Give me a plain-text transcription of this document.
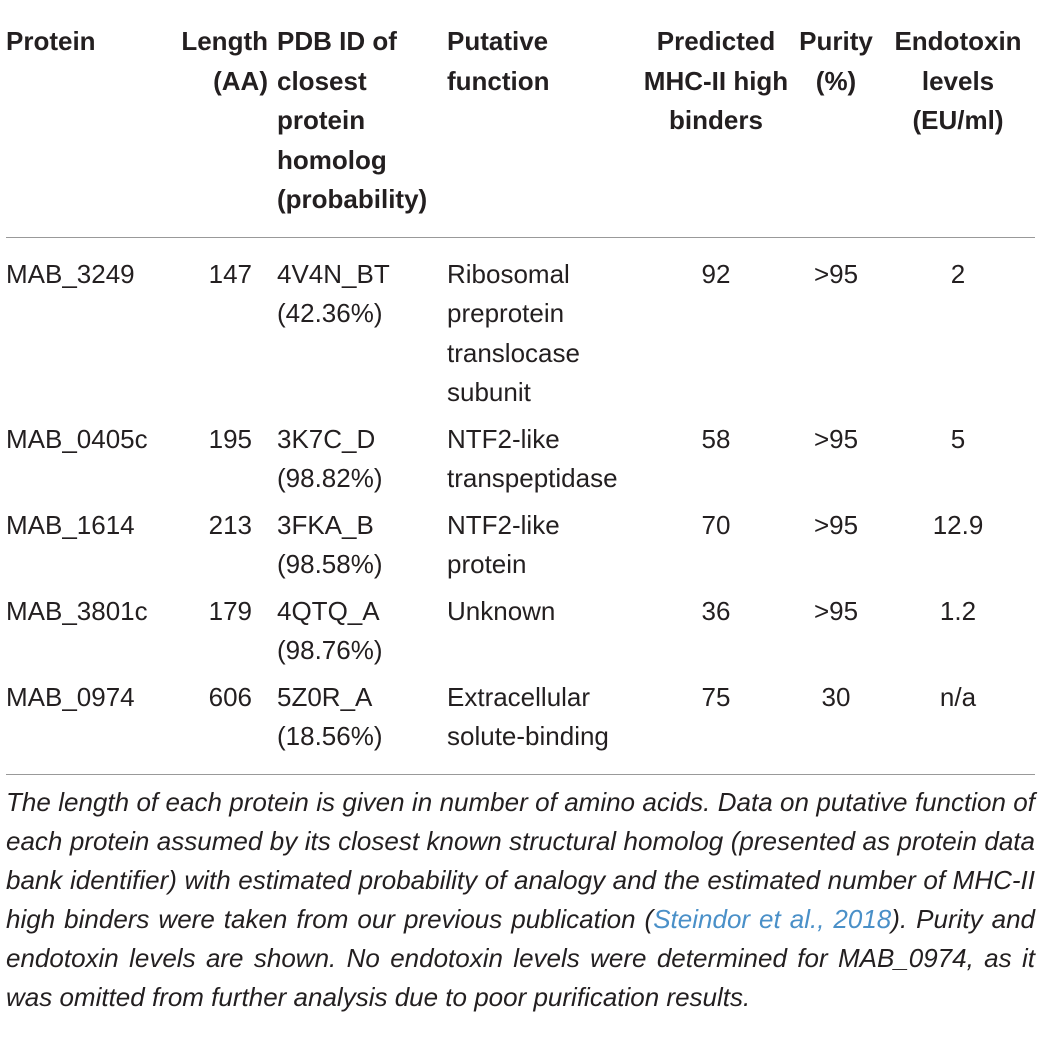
Protein	Length (AA)	PDB ID of closest protein homolog (probability)	Putative function	Predicted MHC-II high binders	Purity (%)	Endotoxin levels (EU/ml)
MAB_3249	147	4V4N_BT (42.36%)	Ribosomal preprotein translocase subunit	92	>95	2
MAB_0405c	195	3K7C_D (98.82%)	NTF2-like transpeptidase	58	>95	5
MAB_1614	213	3FKA_B (98.58%)	NTF2-like protein	70	>95	12.9
MAB_3801c	179	4QTQ_A (98.76%)	Unknown	36	>95	1.2
MAB_0974	606	5Z0R_A (18.56%)	Extracellular solute-binding	75	30	n/a

The length of each protein is given in number of amino acids. Data on putative function of each protein assumed by its closest known structural homolog (presented as protein data bank identifier) with estimated probability of analogy and the estimated number of MHC-II high binders were taken from our previous publication (Steindor et al., 2018). Purity and endotoxin levels are shown. No endotoxin levels were determined for MAB_0974, as it was omitted from further analysis due to poor purification results.
